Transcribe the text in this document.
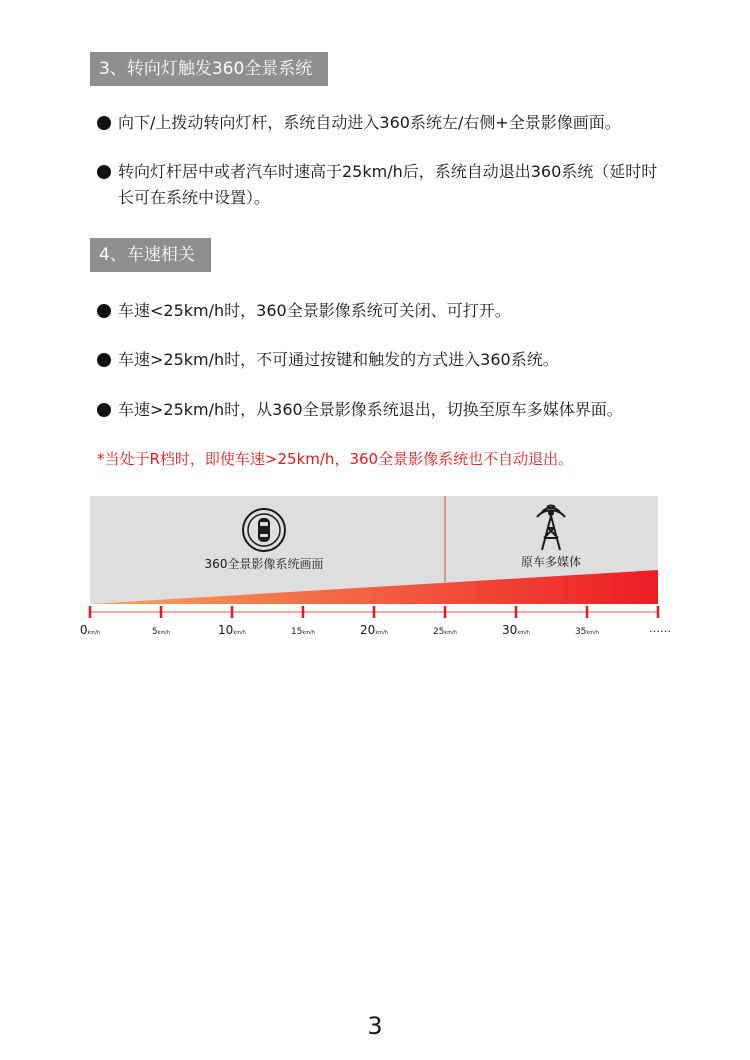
3、转向灯触发360全景系统
向下/上拨动转向灯杆，系统自动进入360系统左/右侧+全景影像画面。
转向灯杆居中或者汽车时速高于25km/h后，系统自动退出360系统（延时时长可在系统中设置）。
4、车速相关
车速<25km/h时，360全景影像系统可关闭、可打开。
车速>25km/h时，不可通过按键和触发的方式进入360系统。
车速>25km/h时，从360全景影像系统退出，切换至原车多媒体界面。
*当处于R档时，即使车速>25km/h，360全景影像系统也不自动退出。
360全景影像系统画面	原车多媒体
0km/h	5km/h	10km/h	15km/h	20km/h	25km/h	30km/h	35km/h	……
3
